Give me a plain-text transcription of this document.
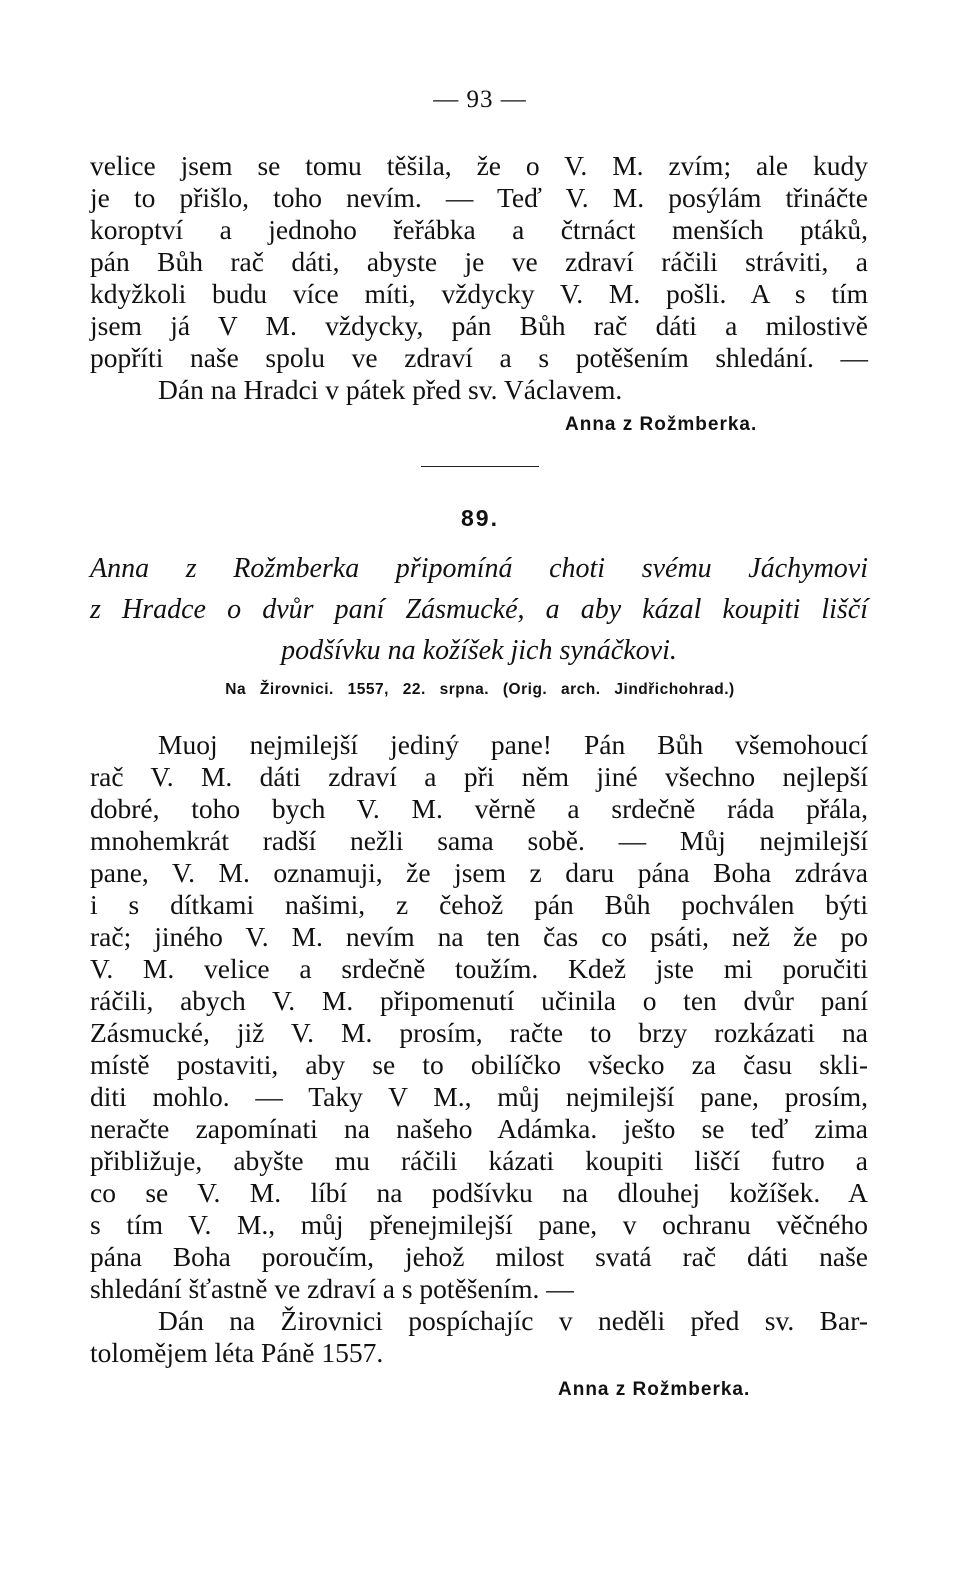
— 93 —
velice jsem se tomu těšila, že o V. M. zvím; ale kudy
je to přišlo, toho nevím. — Teď V. M. posýlám třináčte
koroptví a jednoho řeřábka a čtrnáct menších ptáků,
pán Bůh rač dáti, abyste je ve zdraví ráčili stráviti, a
kdyžkoli budu více míti, vždycky V. M. pošli. A s tím
jsem já V M. vždycky, pán Bůh rač dáti a milostivě
popříti naše spolu ve zdraví a s potěšením shledání. —
Dán na Hradci v pátek před sv. Václavem.
Anna z Rožmberka.
89.
Anna z Rožmberka připomíná choti svému Jáchymovi
z Hradce o dvůr paní Zásmucké, a aby kázal koupiti liščí
podšívku na kožíšek jich synáčkovi.
Na Žirovnici. 1557, 22. srpna. (Orig. arch. Jindřichohrad.)
Muoj nejmilejší jediný pane! Pán Bůh všemohoucí
rač V. M. dáti zdraví a při něm jiné všechno nejlepší
dobré, toho bych V. M. věrně a srdečně ráda přála,
mnohemkrát radší nežli sama sobě. — Můj nejmilejší
pane, V. M. oznamuji, že jsem z daru pána Boha zdráva
i s dítkami našimi, z čehož pán Bůh pochválen býti
rač; jiného V. M. nevím na ten čas co psáti, než že po
V. M. velice a srdečně toužím. Kdež jste mi poručiti
ráčili, abych V. M. připomenutí učinila o ten dvůr paní
Zásmucké, již V. M. prosím, račte to brzy rozkázati na
místě postaviti, aby se to obilíčko všecko za času skli-
diti mohlo. — Taky V M., můj nejmilejší pane, prosím,
neračte zapomínati na našeho Adámka. ješto se teď zima
přibližuje, abyšte mu ráčili kázati koupiti liščí futro a
co se V. M. líbí na podšívku na dlouhej kožíšek. A
s tím V. M., můj přenejmilejší pane, v ochranu věčného
pána Boha poroučím, jehož milost svatá rač dáti naše
shledání šťastně ve zdraví a s potěšením. —
Dán na Žirovnici pospíchajíc v neděli před sv. Bar-
tolomějem léta Páně 1557.
Anna z Rožmberka.
